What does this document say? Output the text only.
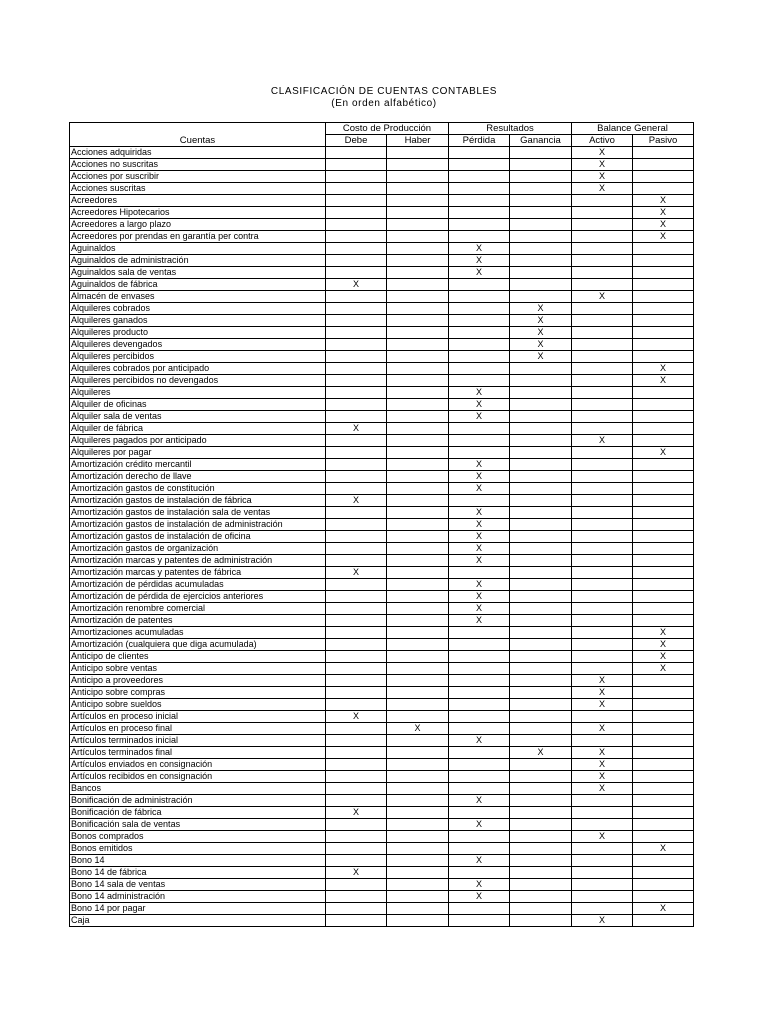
CLASIFICACIÓN DE CUENTAS CONTABLES
(En orden alfabético)
Cuentas	Costo de Producción		Resultados		Balance General	
	Debe	Haber	Pérdida	Ganancia	Activo	Pasivo
Acciones adquiridas					X	
Acciones no suscritas					X	
Acciones por suscribir					X	
Acciones suscritas					X	
Acreedores						X
Acreedores Hipotecarios						X
Acreedores a largo plazo						X
Acreedores por prendas en garantía per contra						X
Aguinaldos			X			
Aguinaldos de administración			X			
Aguinaldos sala de ventas			X			
Aguinaldos de fábrica	X					
Almacén de envases					X	
Alquileres cobrados				X		
Alquileres ganados				X		
Alquileres producto				X		
Alquileres devengados				X		
Alquileres percibidos				X		
Alquileres cobrados por anticipado						X
Alquileres percibidos no devengados						X
Alquileres			X			
Alquiler de oficinas			X			
Alquiler sala de ventas			X			
Alquiler de fábrica	X					
Alquileres pagados por anticipado					X	
Alquileres por pagar						X
Amortización crédito mercantil			X			
Amortización derecho de llave			X			
Amortización gastos de constitución			X			
Amortización gastos de instalación de fábrica	X					
Amortización gastos de instalación sala de ventas			X			
Amortización gastos de instalación de administración			X			
Amortización gastos de instalación de oficina			X			
Amortización gastos de organización			X			
Amortización marcas y patentes de administración			X			
Amortización marcas y patentes de fábrica	X					
Amortización de pérdidas acumuladas			X			
Amortización de pérdida de ejercicios anteriores			X			
Amortización renombre comercial			X			
Amortización de patentes			X			
Amortizaciones acumuladas						X
Amortización (cualquiera que diga acumulada)						X
Anticipo de clientes						X
Anticipo sobre ventas						X
Anticipo a proveedores					X	
Anticipo sobre compras					X	
Anticipo sobre sueldos					X	
Artículos en proceso inicial	X					
Artículos en proceso final		X			X	
Artículos terminados inicial			X			
Artículos terminados final				X	X	
Artículos enviados en consignación					X	
Artículos recibidos en consignación					X	
Bancos					X	
Bonificación de administración			X			
Bonificación de fábrica	X					
Bonificación sala de ventas			X			
Bonos comprados					X	
Bonos emitidos						X
Bono 14			X			
Bono 14 de fábrica	X					
Bono 14 sala de ventas			X			
Bono 14 administración			X			
Bono 14 por pagar						X
Caja					X	
